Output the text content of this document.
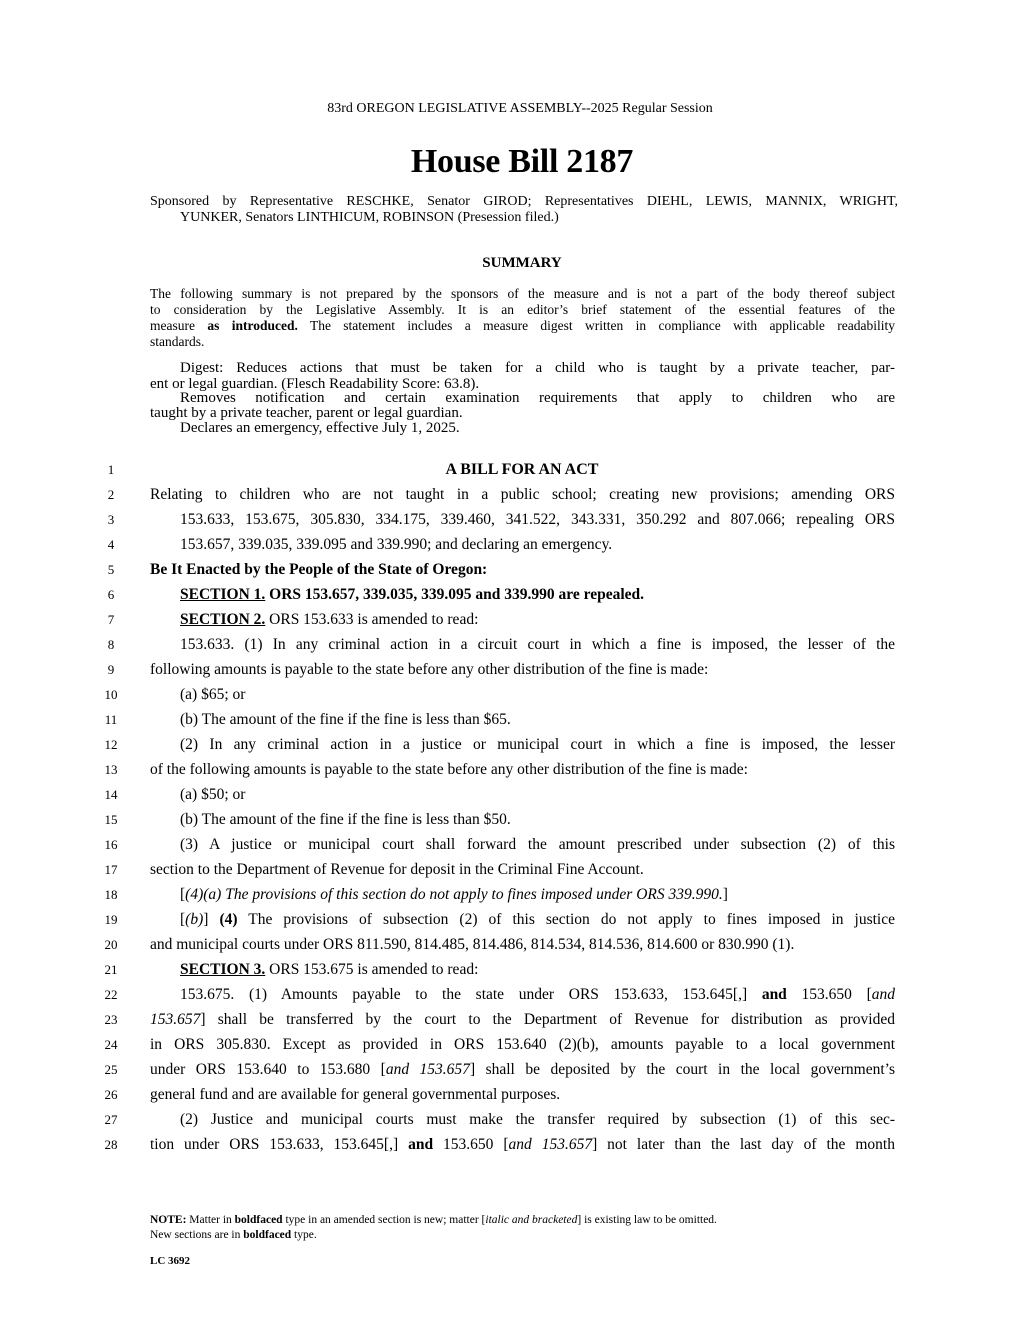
83rd OREGON LEGISLATIVE ASSEMBLY--2025 Regular Session
House Bill 2187
Sponsored by Representative RESCHKE, Senator GIROD; Representatives DIEHL, LEWIS, MANNIX, WRIGHT,
YUNKER, Senators LINTHICUM, ROBINSON (Presession filed.)
SUMMARY
The following summary is not prepared by the sponsors of the measure and is not a part of the body thereof subject
to consideration by the Legislative Assembly. It is an editor’s brief statement of the essential features of the
measure as introduced. The statement includes a measure digest written in compliance with applicable readability
standards.
Digest: Reduces actions that must be taken for a child who is taught by a private teacher, par-
ent or legal guardian. (Flesch Readability Score: 63.8).
Removes notification and certain examination requirements that apply to children who are
taught by a private teacher, parent or legal guardian.
Declares an emergency, effective July 1, 2025.
A BILL FOR AN ACT
1
2
3
4
5
6
7
8
9
10
11
12
13
14
15
16
17
18
19
20
21
22
23
24
25
26
27
28
Relating to children who are not taught in a public school; creating new provisions; amending ORS
153.633, 153.675, 305.830, 334.175, 339.460, 341.522, 343.331, 350.292 and 807.066; repealing ORS
153.657, 339.035, 339.095 and 339.990; and declaring an emergency.
Be It Enacted by the People of the State of Oregon:
SECTION 1. ORS 153.657, 339.035, 339.095 and 339.990 are repealed.
SECTION 2. ORS 153.633 is amended to read:
153.633. (1) In any criminal action in a circuit court in which a fine is imposed, the lesser of the
following amounts is payable to the state before any other distribution of the fine is made:
(a) $65; or
(b) The amount of the fine if the fine is less than $65.
(2) In any criminal action in a justice or municipal court in which a fine is imposed, the lesser
of the following amounts is payable to the state before any other distribution of the fine is made:
(a) $50; or
(b) The amount of the fine if the fine is less than $50.
(3) A justice or municipal court shall forward the amount prescribed under subsection (2) of this
section to the Department of Revenue for deposit in the Criminal Fine Account.
[(4)(a) The provisions of this section do not apply to fines imposed under ORS 339.990.]
[(b)] (4) The provisions of subsection (2) of this section do not apply to fines imposed in justice
and municipal courts under ORS 811.590, 814.485, 814.486, 814.534, 814.536, 814.600 or 830.990 (1).
SECTION 3. ORS 153.675 is amended to read:
153.675. (1) Amounts payable to the state under ORS 153.633, 153.645[,] and 153.650 [and
153.657] shall be transferred by the court to the Department of Revenue for distribution as provided
in ORS 305.830. Except as provided in ORS 153.640 (2)(b), amounts payable to a local government
under ORS 153.640 to 153.680 [and 153.657] shall be deposited by the court in the local government’s
general fund and are available for general governmental purposes.
(2) Justice and municipal courts must make the transfer required by subsection (1) of this sec-
tion under ORS 153.633, 153.645[,] and 153.650 [and 153.657] not later than the last day of the month
NOTE: Matter in boldfaced type in an amended section is new; matter [italic and bracketed] is existing law to be omitted.
New sections are in boldfaced type.
LC 3692
